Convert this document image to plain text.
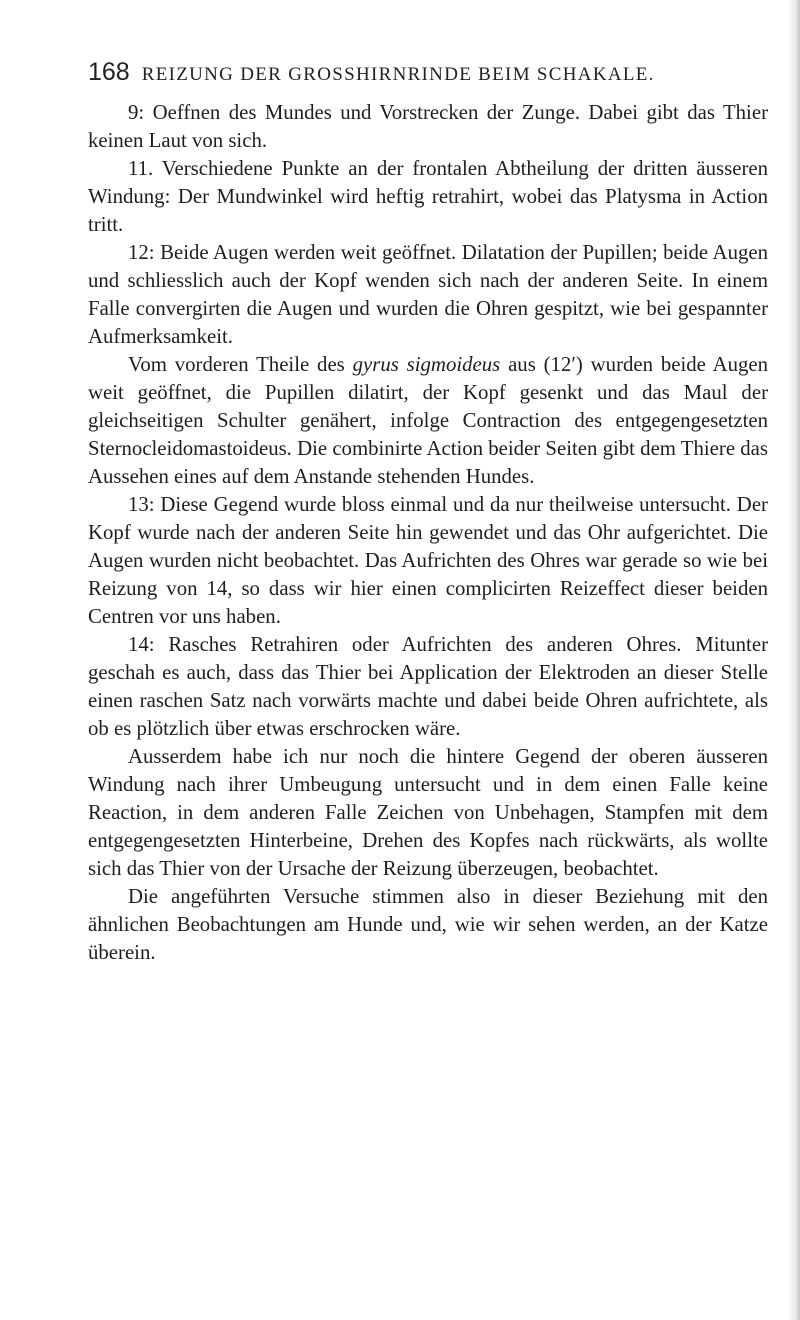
168 REIZUNG DER GROSSHIRNRINDE BEIM SCHAKALE.

9: Oeffnen des Mundes und Vorstrecken der Zunge. Dabei gibt das Thier keinen Laut von sich.

11. Verschiedene Punkte an der frontalen Abtheilung der dritten äusseren Windung: Der Mundwinkel wird heftig retrahirt, wobei das Platysma in Action tritt.

12: Beide Augen werden weit geöffnet. Dilatation der Pupillen; beide Augen und schliesslich auch der Kopf wenden sich nach der anderen Seite. In einem Falle convergirten die Augen und wurden die Ohren gespitzt, wie bei gespannter Aufmerksamkeit.

Vom vorderen Theile des gyrus sigmoideus aus (12′) wurden beide Augen weit geöffnet, die Pupillen dilatirt, der Kopf gesenkt und das Maul der gleichseitigen Schulter genähert, infolge Contraction des entgegengesetzten Sternocleidomastoideus. Die combinirte Action beider Seiten gibt dem Thiere das Aussehen eines auf dem Anstande stehenden Hundes.

13: Diese Gegend wurde bloss einmal und da nur theilweise untersucht. Der Kopf wurde nach der anderen Seite hin gewendet und das Ohr aufgerichtet. Die Augen wurden nicht beobachtet. Das Aufrichten des Ohres war gerade so wie bei Reizung von 14, so dass wir hier einen complicirten Reizeffect dieser beiden Centren vor uns haben.

14: Rasches Retrahiren oder Aufrichten des anderen Ohres. Mitunter geschah es auch, dass das Thier bei Application der Elektroden an dieser Stelle einen raschen Satz nach vorwärts machte und dabei beide Ohren aufrichtete, als ob es plötzlich über etwas erschrocken wäre.

Ausserdem habe ich nur noch die hintere Gegend der oberen äusseren Windung nach ihrer Umbeugung untersucht und in dem einen Falle keine Reaction, in dem anderen Falle Zeichen von Unbehagen, Stampfen mit dem entgegengesetzten Hinterbeine, Drehen des Kopfes nach rückwärts, als wollte sich das Thier von der Ursache der Reizung überzeugen, beobachtet.

Die angeführten Versuche stimmen also in dieser Beziehung mit den ähnlichen Beobachtungen am Hunde und, wie wir sehen werden, an der Katze überein.
